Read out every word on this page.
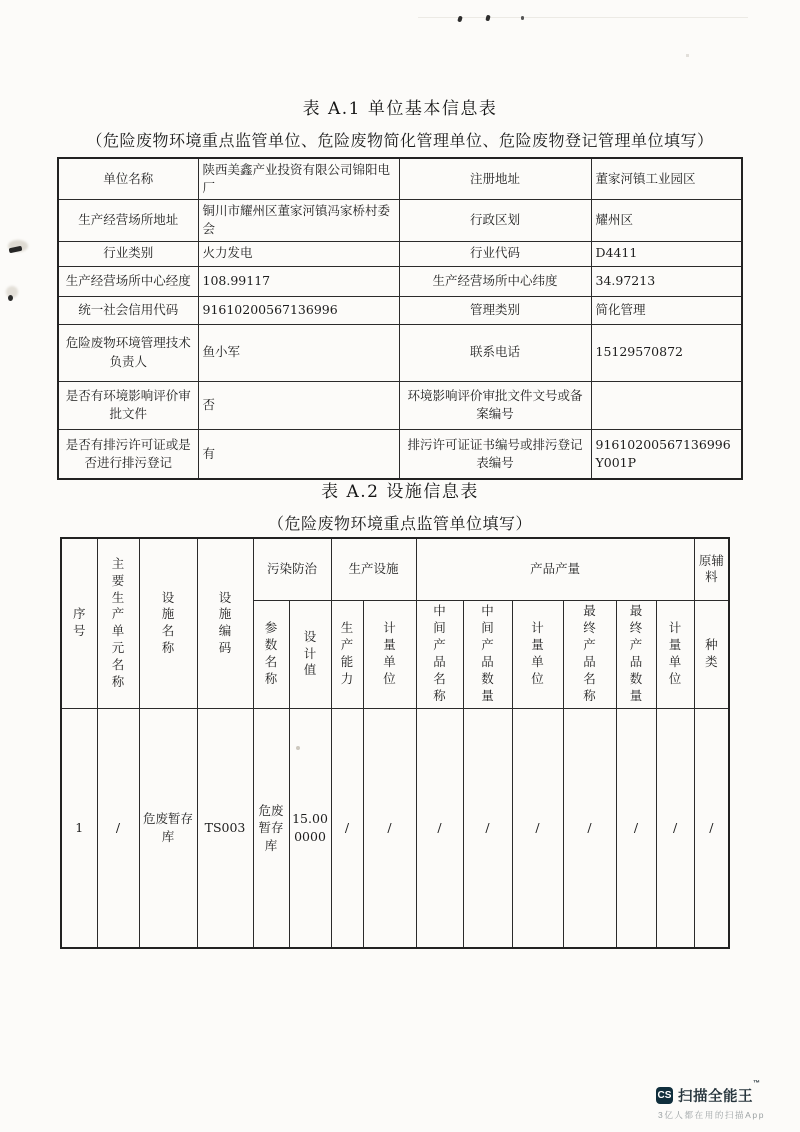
表 A.1 单位基本信息表
（危险废物环境重点监管单位、危险废物简化管理单位、危险废物登记管理单位填写）
单位名称	陕西美鑫产业投资有限公司锦阳电厂	注册地址	董家河镇工业园区
生产经营场所地址	铜川市耀州区董家河镇冯家桥村委会	行政区划	耀州区
行业类别	火力发电	行业代码	D4411
生产经营场所中心经度	108.99117	生产经营场所中心纬度	34.97213
统一社会信用代码	91610200567136996	管理类别	简化管理
危险废物环境管理技术负责人	鱼小军	联系电话	15129570872
是否有环境影响评价审批文件	否	环境影响评价审批文件文号或备案编号	
是否有排污许可证或是否进行排污登记	有	排污许可证证书编号或排污登记表编号	91610200567136996Y001P
表 A.2 设施信息表
（危险废物环境重点监管单位填写）
序号	主要生产单元名称	设施名称	设施编码	污染防治		生产设施		产品产量						原辅料
				参数名称	设计值	生产能力	计量单位	中间产品名称	中间产品数量	计量单位	最终产品名称	最终产品数量	计量单位	种类
1	/	危废暂存库	TS003	危废暂存库	15.000000	/	/	/	/	/	/	/	/	/
CS 扫描全能王™
3亿人都在用的扫描App
